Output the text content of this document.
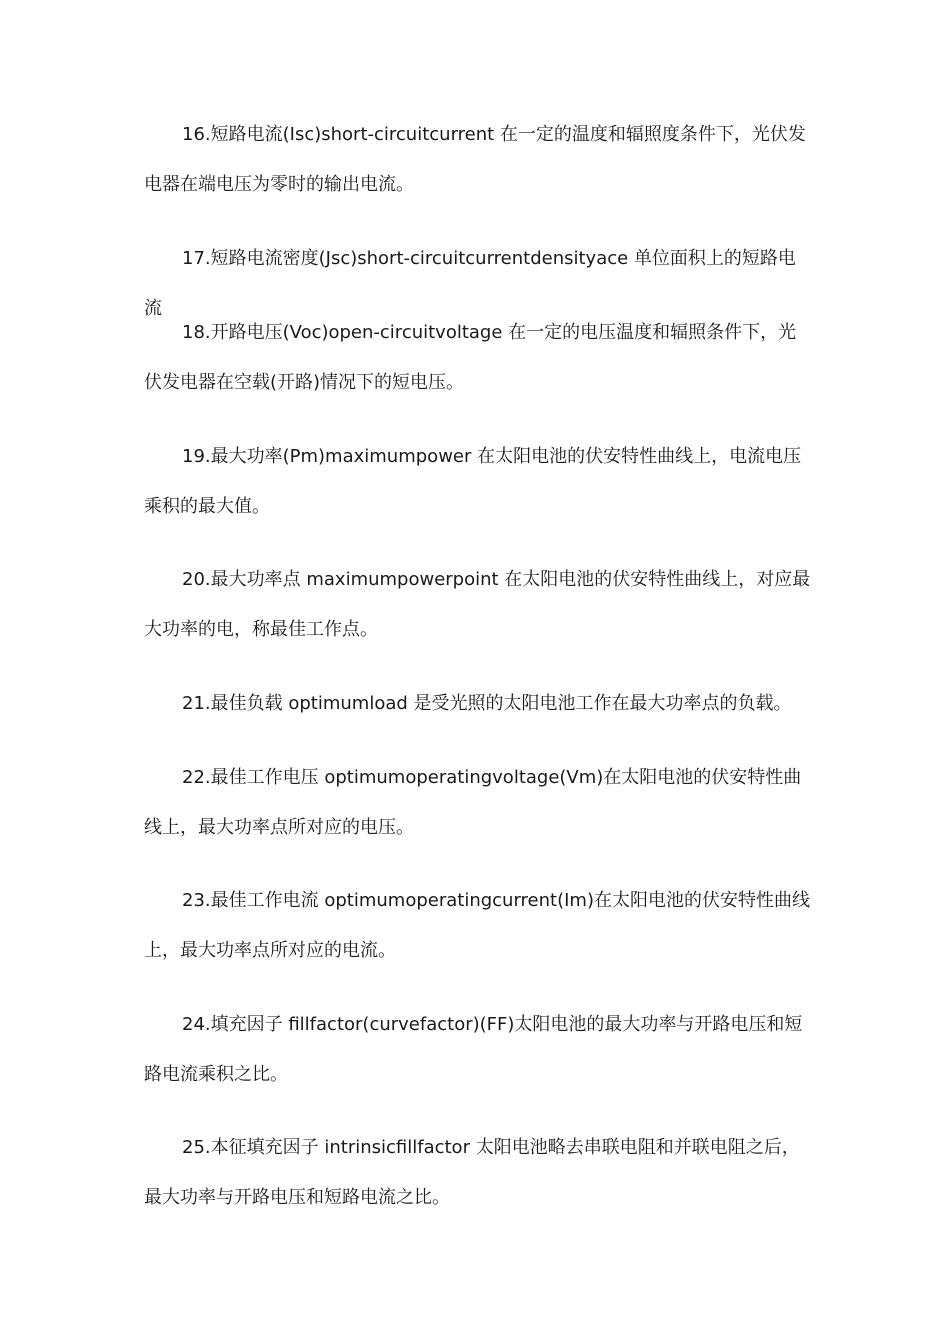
16.短路电流(Isc)short-circuitcurrent 在一定的温度和辐照度条件下，光伏发电器在端电压为零时的输出电流。

17.短路电流密度(Jsc)short-circuitcurrentdensityace 单位面积上的短路电流

18.开路电压(Voc)open-circuitvoltage 在一定的电压温度和辐照条件下，光伏发电器在空载(开路)情况下的短电压。

19.最大功率(Pm)maximumpower 在太阳电池的伏安特性曲线上，电流电压乘积的最大值。

20.最大功率点 maximumpowerpoint 在太阳电池的伏安特性曲线上，对应最大功率的电，称最佳工作点。

21.最佳负载 optimumload 是受光照的太阳电池工作在最大功率点的负载。

22.最佳工作电压 optimumoperatingvoltage(Vm)在太阳电池的伏安特性曲线上，最大功率点所对应的电压。

23.最佳工作电流 optimumoperatingcurrent(Im)在太阳电池的伏安特性曲线上，最大功率点所对应的电流。

24.填充因子 fillfactor(curvefactor)(FF)太阳电池的最大功率与开路电压和短路电流乘积之比。

25.本征填充因子 intrinsicfillfactor 太阳电池略去串联电阻和并联电阻之后，最大功率与开路电压和短路电流之比。
